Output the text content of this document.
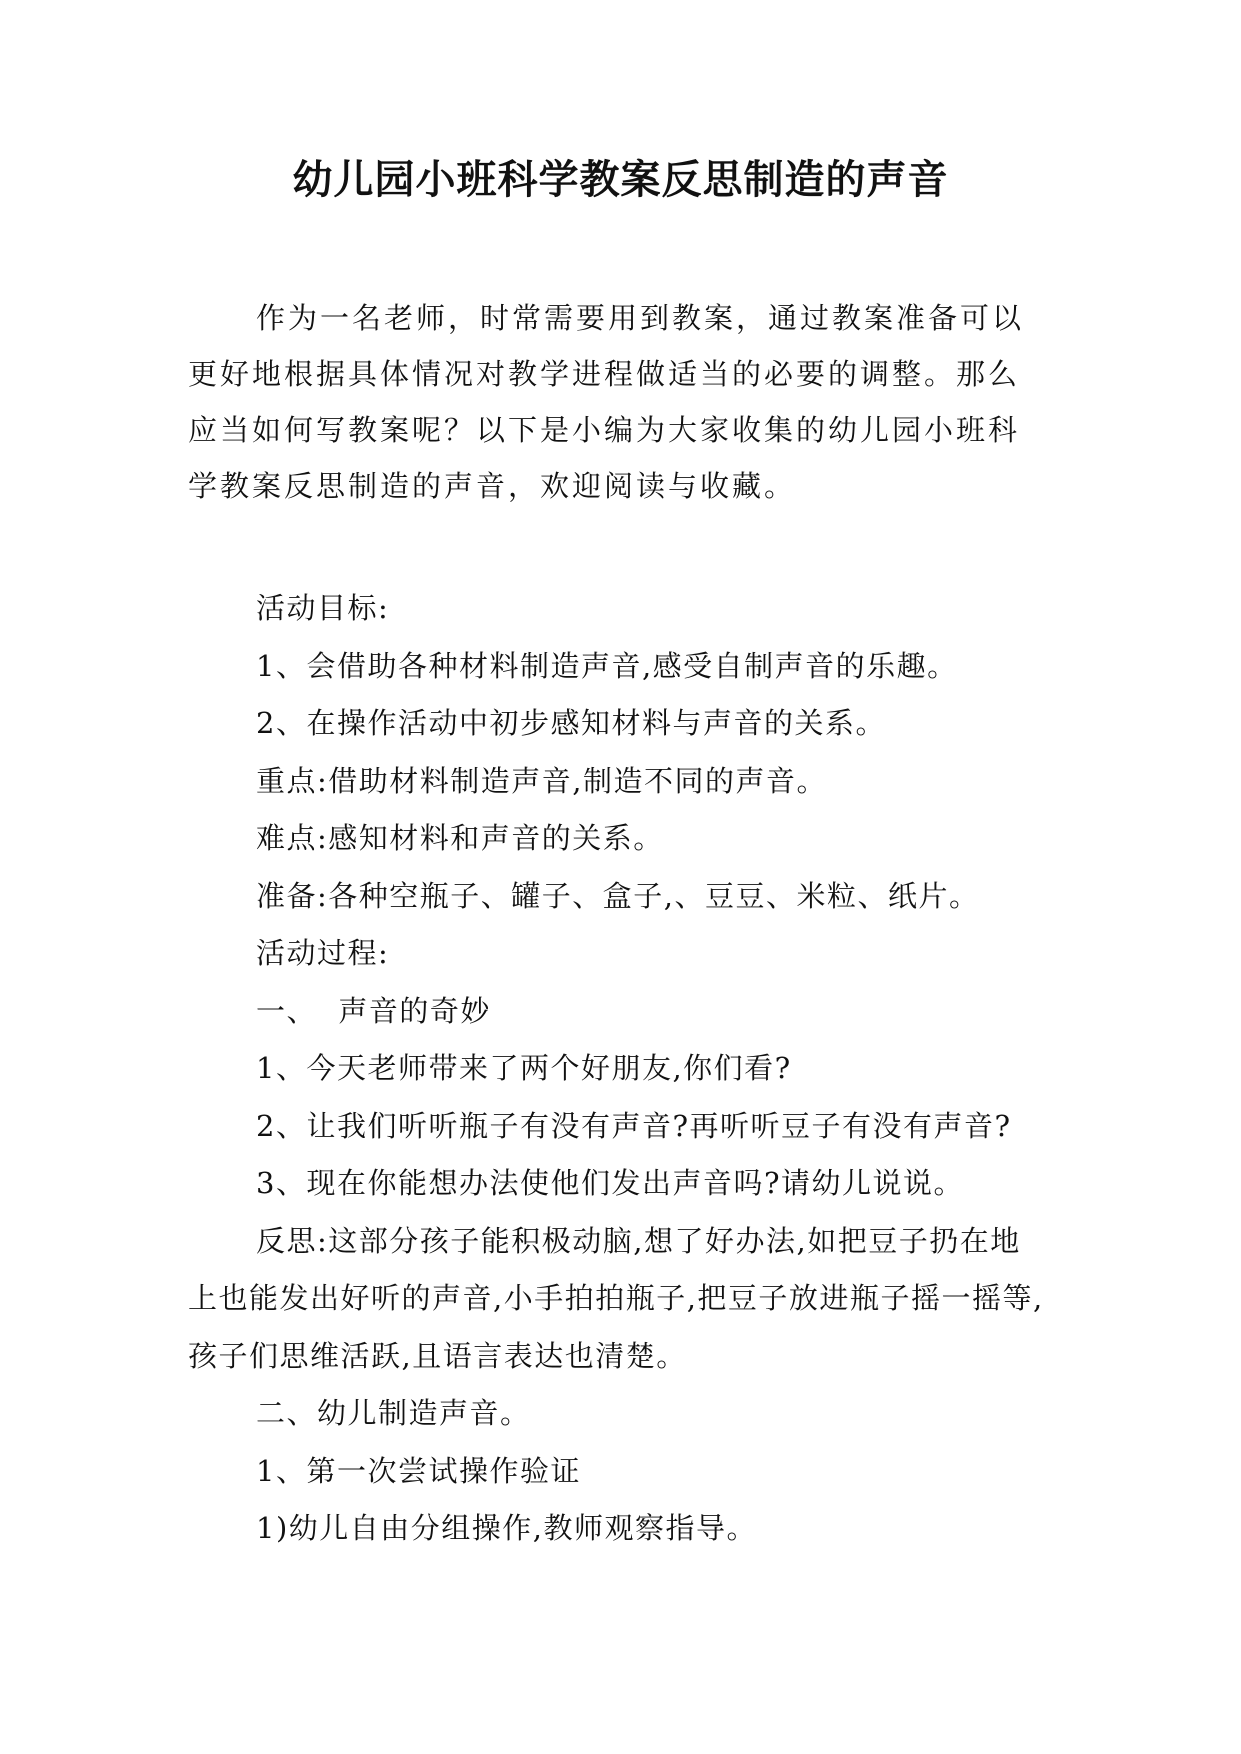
幼儿园小班科学教案反思制造的声音

作为一名老师，时常需要用到教案，通过教案准备可以更好地根据具体情况对教学进程做适当的必要的调整。那么应当如何写教案呢？以下是小编为大家收集的幼儿园小班科学教案反思制造的声音，欢迎阅读与收藏。

活动目标:
1、会借助各种材料制造声音,感受自制声音的乐趣。
2、在操作活动中初步感知材料与声音的关系。
重点:借助材料制造声音,制造不同的声音。
难点:感知材料和声音的关系。
准备:各种空瓶子、罐子、盒子,、豆豆、米粒、纸片。
活动过程:
一、  声音的奇妙
1、今天老师带来了两个好朋友,你们看?
2、让我们听听瓶子有没有声音?再听听豆子有没有声音?
3、现在你能想办法使他们发出声音吗?请幼儿说说。

反思:这部分孩子能积极动脑,想了好办法,如把豆子扔在地上也能发出好听的声音,小手拍拍瓶子,把豆子放进瓶子摇一摇等,孩子们思维活跃,且语言表达也清楚。

二、幼儿制造声音。
1、第一次尝试操作验证
1)幼儿自由分组操作,教师观察指导。
